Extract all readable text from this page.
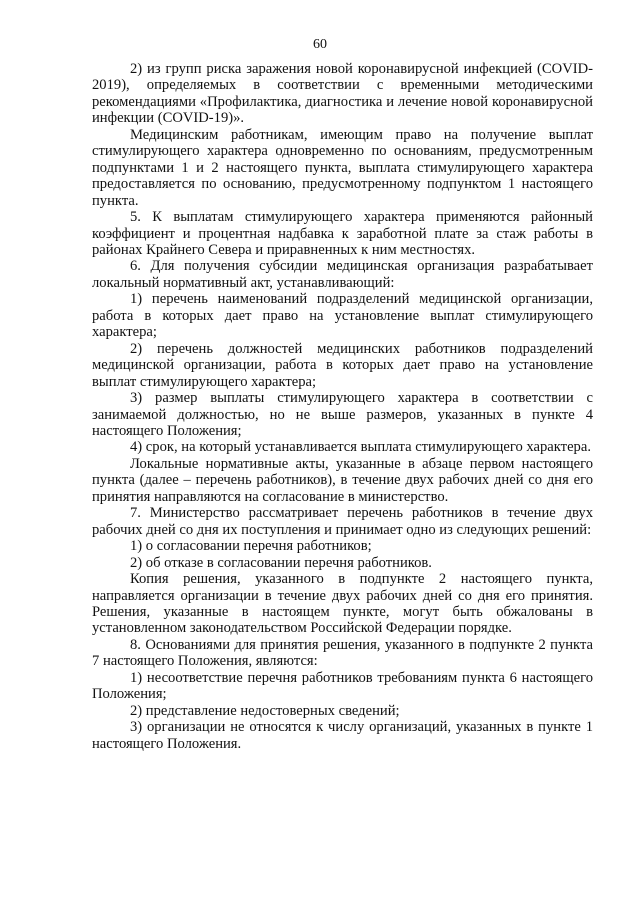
60

2) из групп риска заражения новой коронавирусной инфекцией (COVID-2019), определяемых в соответствии с временными методическими рекомендациями «Профилактика, диагностика и лечение новой коронавирусной инфекции (COVID-19)».

Медицинским работникам, имеющим право на получение выплат стимулирующего характера одновременно по основаниям, предусмотренным подпунктами 1 и 2 настоящего пункта, выплата стимулирующего характера предоставляется по основанию, предусмотренному подпунктом 1 настоящего пункта.

5. К выплатам стимулирующего характера применяются районный коэффициент и процентная надбавка к заработной плате за стаж работы в районах Крайнего Севера и приравненных к ним местностях.

6. Для получения субсидии медицинская организация разрабатывает локальный нормативный акт, устанавливающий:

1) перечень наименований подразделений медицинской организации, работа в которых дает право на установление выплат стимулирующего характера;

2) перечень должностей медицинских работников подразделений медицинской организации, работа в которых дает право на установление выплат стимулирующего характера;

3) размер выплаты стимулирующего характера в соответствии с занимаемой должностью, но не выше размеров, указанных в пункте 4 настоящего Положения;

4) срок, на который устанавливается выплата стимулирующего характера.

Локальные нормативные акты, указанные в абзаце первом настоящего пункта (далее – перечень работников), в течение двух рабочих дней со дня его принятия направляются на согласование в министерство.

7. Министерство рассматривает перечень работников в течение двух рабочих дней со дня их поступления и принимает одно из следующих решений:

1) о согласовании перечня работников;

2) об отказе в согласовании перечня работников.

Копия решения, указанного в подпункте 2 настоящего пункта, направляется организации в течение двух рабочих дней со дня его принятия. Решения, указанные в настоящем пункте, могут быть обжалованы в установленном законодательством Российской Федерации порядке.

8. Основаниями для принятия решения, указанного в подпункте 2 пункта 7 настоящего Положения, являются:

1) несоответствие перечня работников требованиям пункта 6 настоящего Положения;

2) представление недостоверных сведений;

3) организации не относятся к числу организаций, указанных в пункте 1 настоящего Положения.
